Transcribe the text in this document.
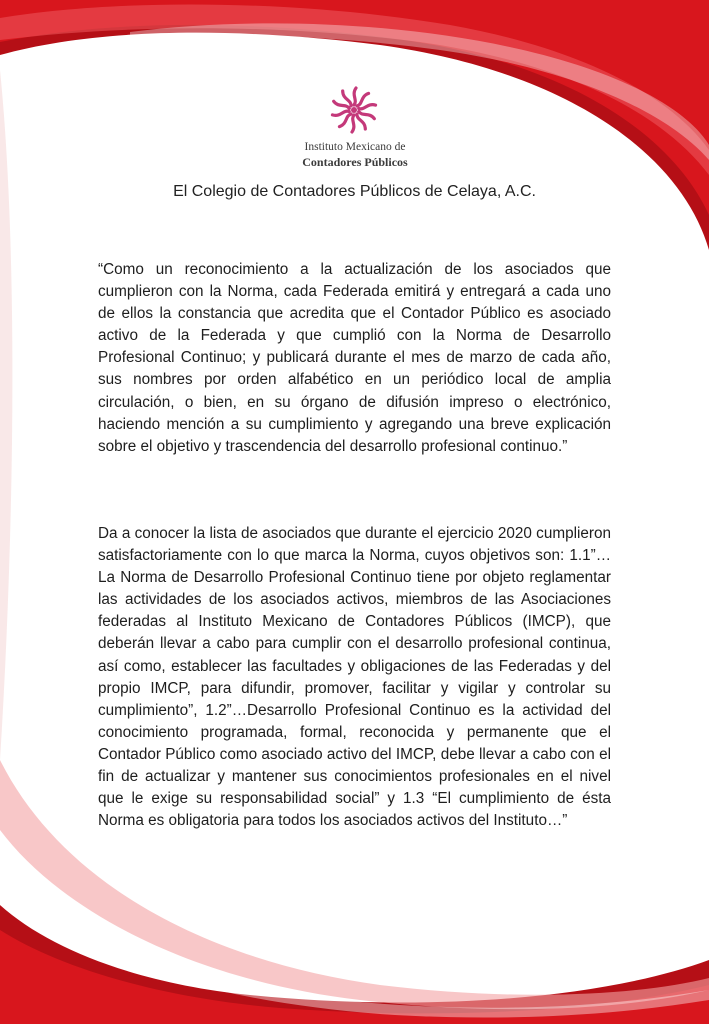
Instituto Mexicano de
Contadores Públicos
El Colegio de Contadores Públicos de Celaya, A.C.

“Como un reconocimiento a la actualización de los asociados que cumplieron con la Norma, cada Federada emitirá y entregará a cada uno de ellos la constancia que acredita que el Contador Público es asociado activo de la Federada y que cumplió con la Norma de Desarrollo Profesional Continuo; y publicará durante el mes de marzo de cada año, sus nombres por orden alfabético en un periódico local de amplia circulación, o bien, en su órgano de difusión impreso o electrónico, haciendo mención a su cumplimiento y agregando una breve explicación sobre el objetivo y trascendencia del desarrollo profesional continuo.”

Da a conocer la lista de asociados que durante el ejercicio 2020 cumplieron satisfactoriamente con lo que marca la Norma, cuyos objetivos son: 1.1”…La Norma de Desarrollo Profesional Continuo tiene por objeto reglamentar las actividades de los asociados activos, miembros de las Asociaciones federadas al Instituto Mexicano de Contadores Públicos (IMCP), que deberán llevar a cabo para cumplir con el desarrollo profesional continua, así como, establecer las facultades y obligaciones de las Federadas y del propio IMCP, para difundir, promover, facilitar y vigilar y controlar su cumplimiento”, 1.2”…Desarrollo Profesional Continuo es la actividad del conocimiento programada, formal, reconocida y permanente que el Contador Público como asociado activo del IMCP, debe llevar a cabo con el fin de actualizar y mantener sus conocimientos profesionales en el nivel que le exige su responsabilidad social” y 1.3 “El cumplimiento de ésta Norma es obligatoria para todos los asociados activos del Instituto…”
